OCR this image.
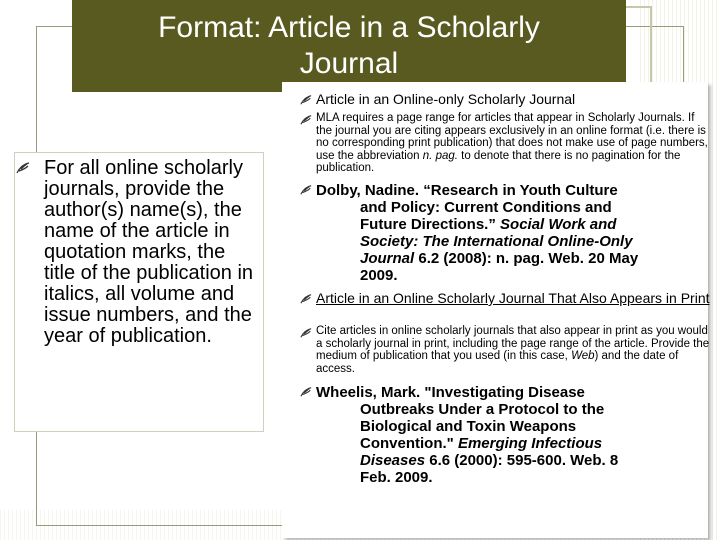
Format: Article in a Scholarly
Journal
For all online scholarly journals, provide the author(s) name(s), the name of the article in quotation marks, the title of the publication in italics, all volume and issue numbers, and the year of publication.
Article in an Online-only Scholarly Journal
MLA requires a page range for articles that appear in Scholarly Journals. If the journal you are citing appears exclusively in an online format (i.e. there is no corresponding print publication) that does not make use of page numbers, use the abbreviation n. pag. to denote that there is no pagination for the publication.
Dolby, Nadine. “Research in Youth Culture
and Policy: Current Conditions and
Future Directions.” Social Work and
Society: The International Online-Only
Journal 6.2 (2008): n. pag. Web. 20 May
2009.
Article in an Online Scholarly Journal That Also Appears in Print
Cite articles in online scholarly journals that also appear in print as you would a scholarly journal in print, including the page range of the article. Provide the medium of publication that you used (in this case, Web) and the date of access.
Wheelis, Mark. "Investigating Disease
Outbreaks Under a Protocol to the
Biological and Toxin Weapons
Convention." Emerging Infectious
Diseases 6.6 (2000): 595-600. Web. 8
Feb. 2009.
